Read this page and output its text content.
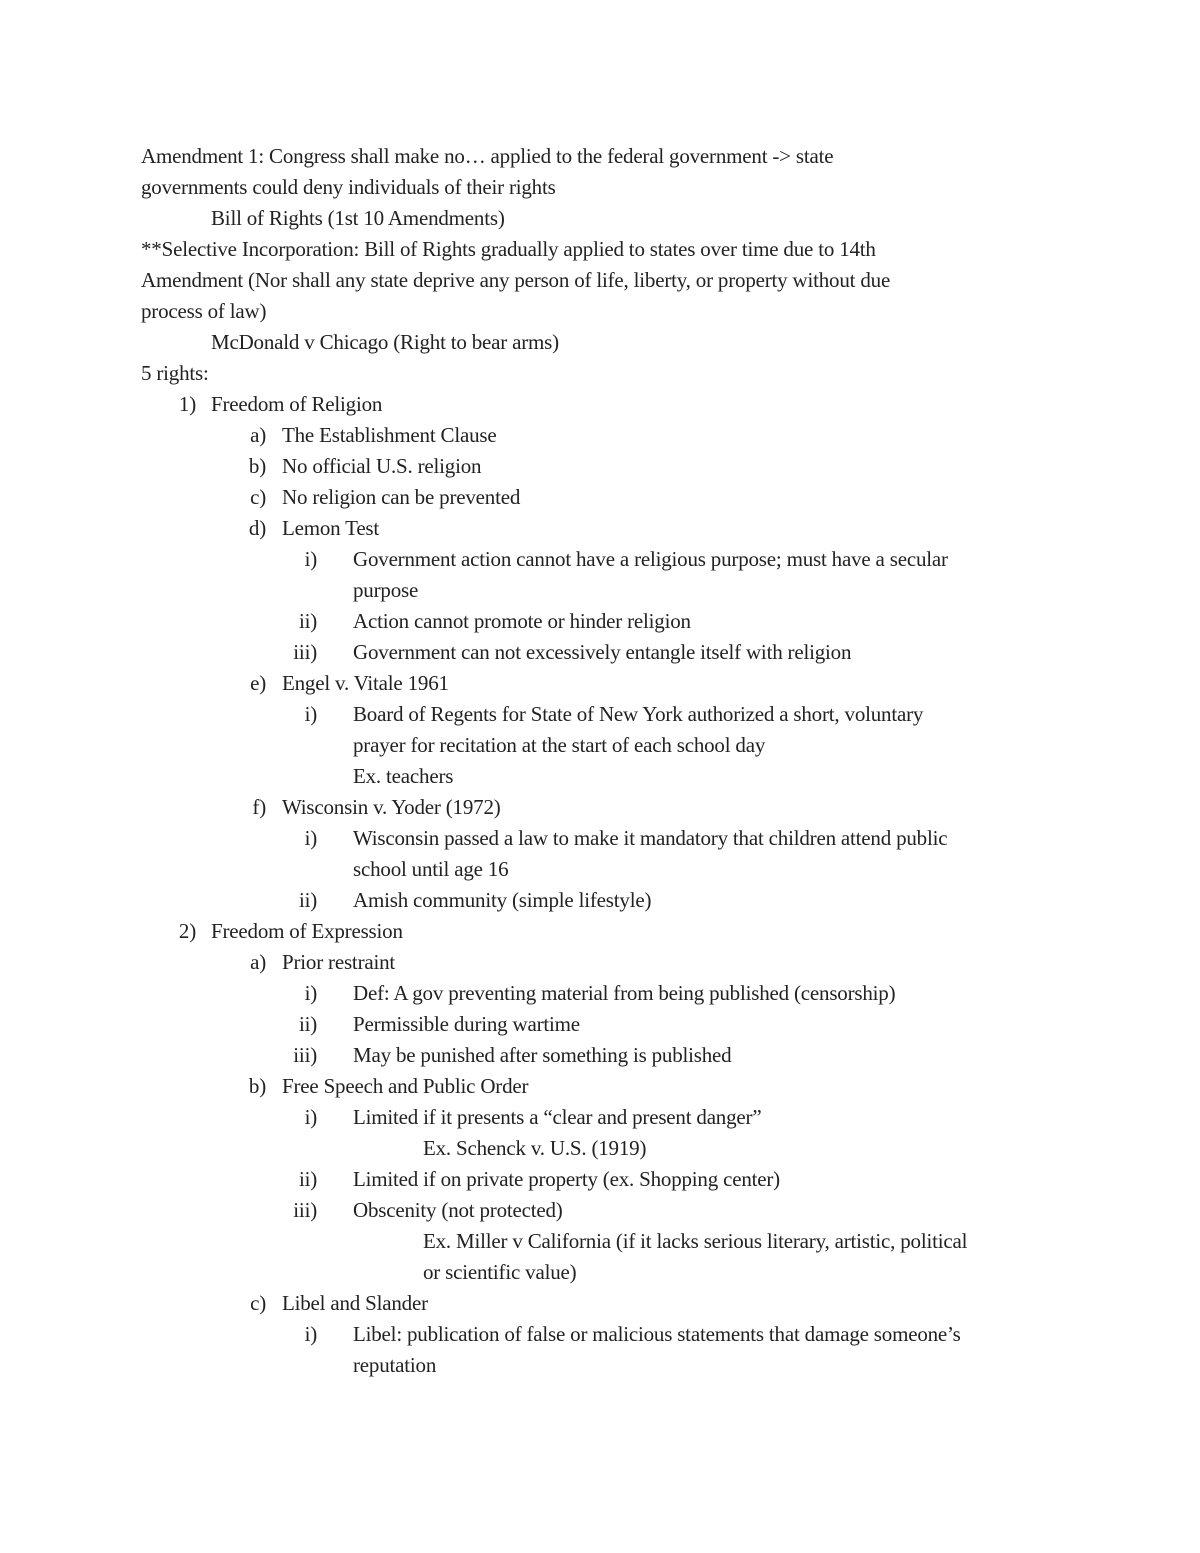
Amendment 1: Congress shall make no… applied to the federal government -> state
governments could deny individuals of their rights
Bill of Rights (1st 10 Amendments)
**Selective Incorporation: Bill of Rights gradually applied to states over time due to 14th
Amendment (Nor shall any state deprive any person of life, liberty, or property without due
process of law)
McDonald v Chicago (Right to bear arms)
5 rights:
1) Freedom of Religion
a) The Establishment Clause
b) No official U.S. religion
c) No religion can be prevented
d) Lemon Test
i) Government action cannot have a religious purpose; must have a secular
purpose
ii) Action cannot promote or hinder religion
iii) Government can not excessively entangle itself with religion
e) Engel v. Vitale 1961
i) Board of Regents for State of New York authorized a short, voluntary
prayer for recitation at the start of each school day
Ex. teachers
f) Wisconsin v. Yoder (1972)
i) Wisconsin passed a law to make it mandatory that children attend public
school until age 16
ii) Amish community (simple lifestyle)
2) Freedom of Expression
a) Prior restraint
i) Def: A gov preventing material from being published (censorship)
ii) Permissible during wartime
iii) May be punished after something is published
b) Free Speech and Public Order
i) Limited if it presents a “clear and present danger”
Ex. Schenck v. U.S. (1919)
ii) Limited if on private property (ex. Shopping center)
iii) Obscenity (not protected)
Ex. Miller v California (if it lacks serious literary, artistic, political
or scientific value)
c) Libel and Slander
i) Libel: publication of false or malicious statements that damage someone’s
reputation
